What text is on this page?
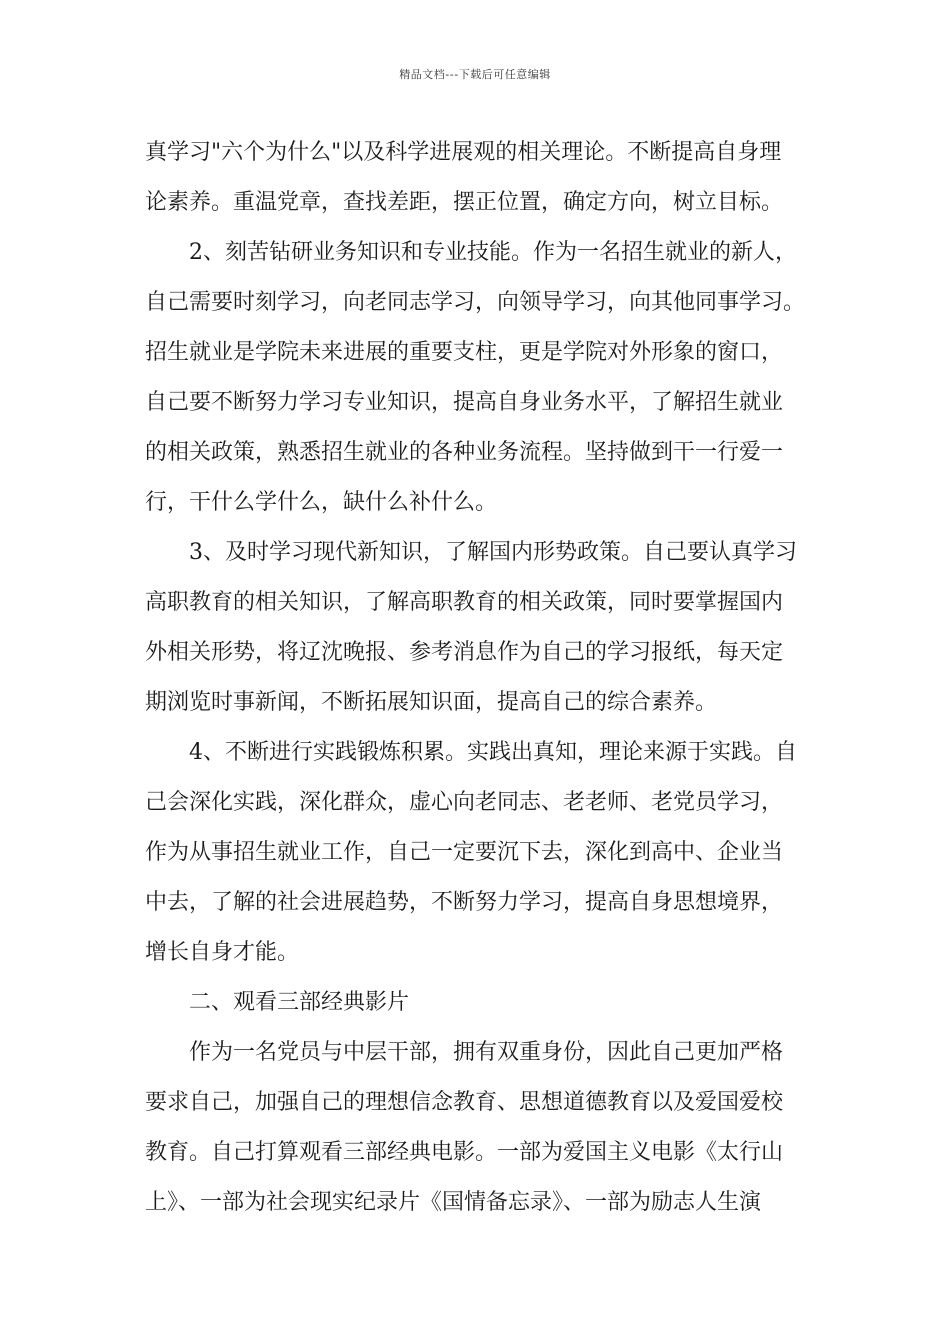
精品文档---下载后可任意编辑
真学习"六个为什么"以及科学进展观的相关理论。不断提高自身理
论素养。重温党章，查找差距，摆正位置，确定方向，树立目标。
2、刻苦钻研业务知识和专业技能。作为一名招生就业的新人，
自己需要时刻学习，向老同志学习，向领导学习，向其他同事学习。
招生就业是学院未来进展的重要支柱，更是学院对外形象的窗口，
自己要不断努力学习专业知识，提高自身业务水平，了解招生就业
的相关政策，熟悉招生就业的各种业务流程。坚持做到干一行爱一
行，干什么学什么，缺什么补什么。
3、及时学习现代新知识，了解国内形势政策。自己要认真学习
高职教育的相关知识，了解高职教育的相关政策，同时要掌握国内
外相关形势，将辽沈晚报、参考消息作为自己的学习报纸，每天定
期浏览时事新闻，不断拓展知识面，提高自己的综合素养。
4、不断进行实践锻炼积累。实践出真知，理论来源于实践。自
己会深化实践，深化群众，虚心向老同志、老老师、老党员学习，
作为从事招生就业工作，自己一定要沉下去，深化到高中、企业当
中去，了解的社会进展趋势，不断努力学习，提高自身思想境界，
增长自身才能。
二、观看三部经典影片
作为一名党员与中层干部，拥有双重身份，因此自己更加严格
要求自己，加强自己的理想信念教育、思想道德教育以及爱国爱校
教育。自己打算观看三部经典电影。一部为爱国主义电影《太行山
上》、一部为社会现实纪录片《国情备忘录》、一部为励志人生演
